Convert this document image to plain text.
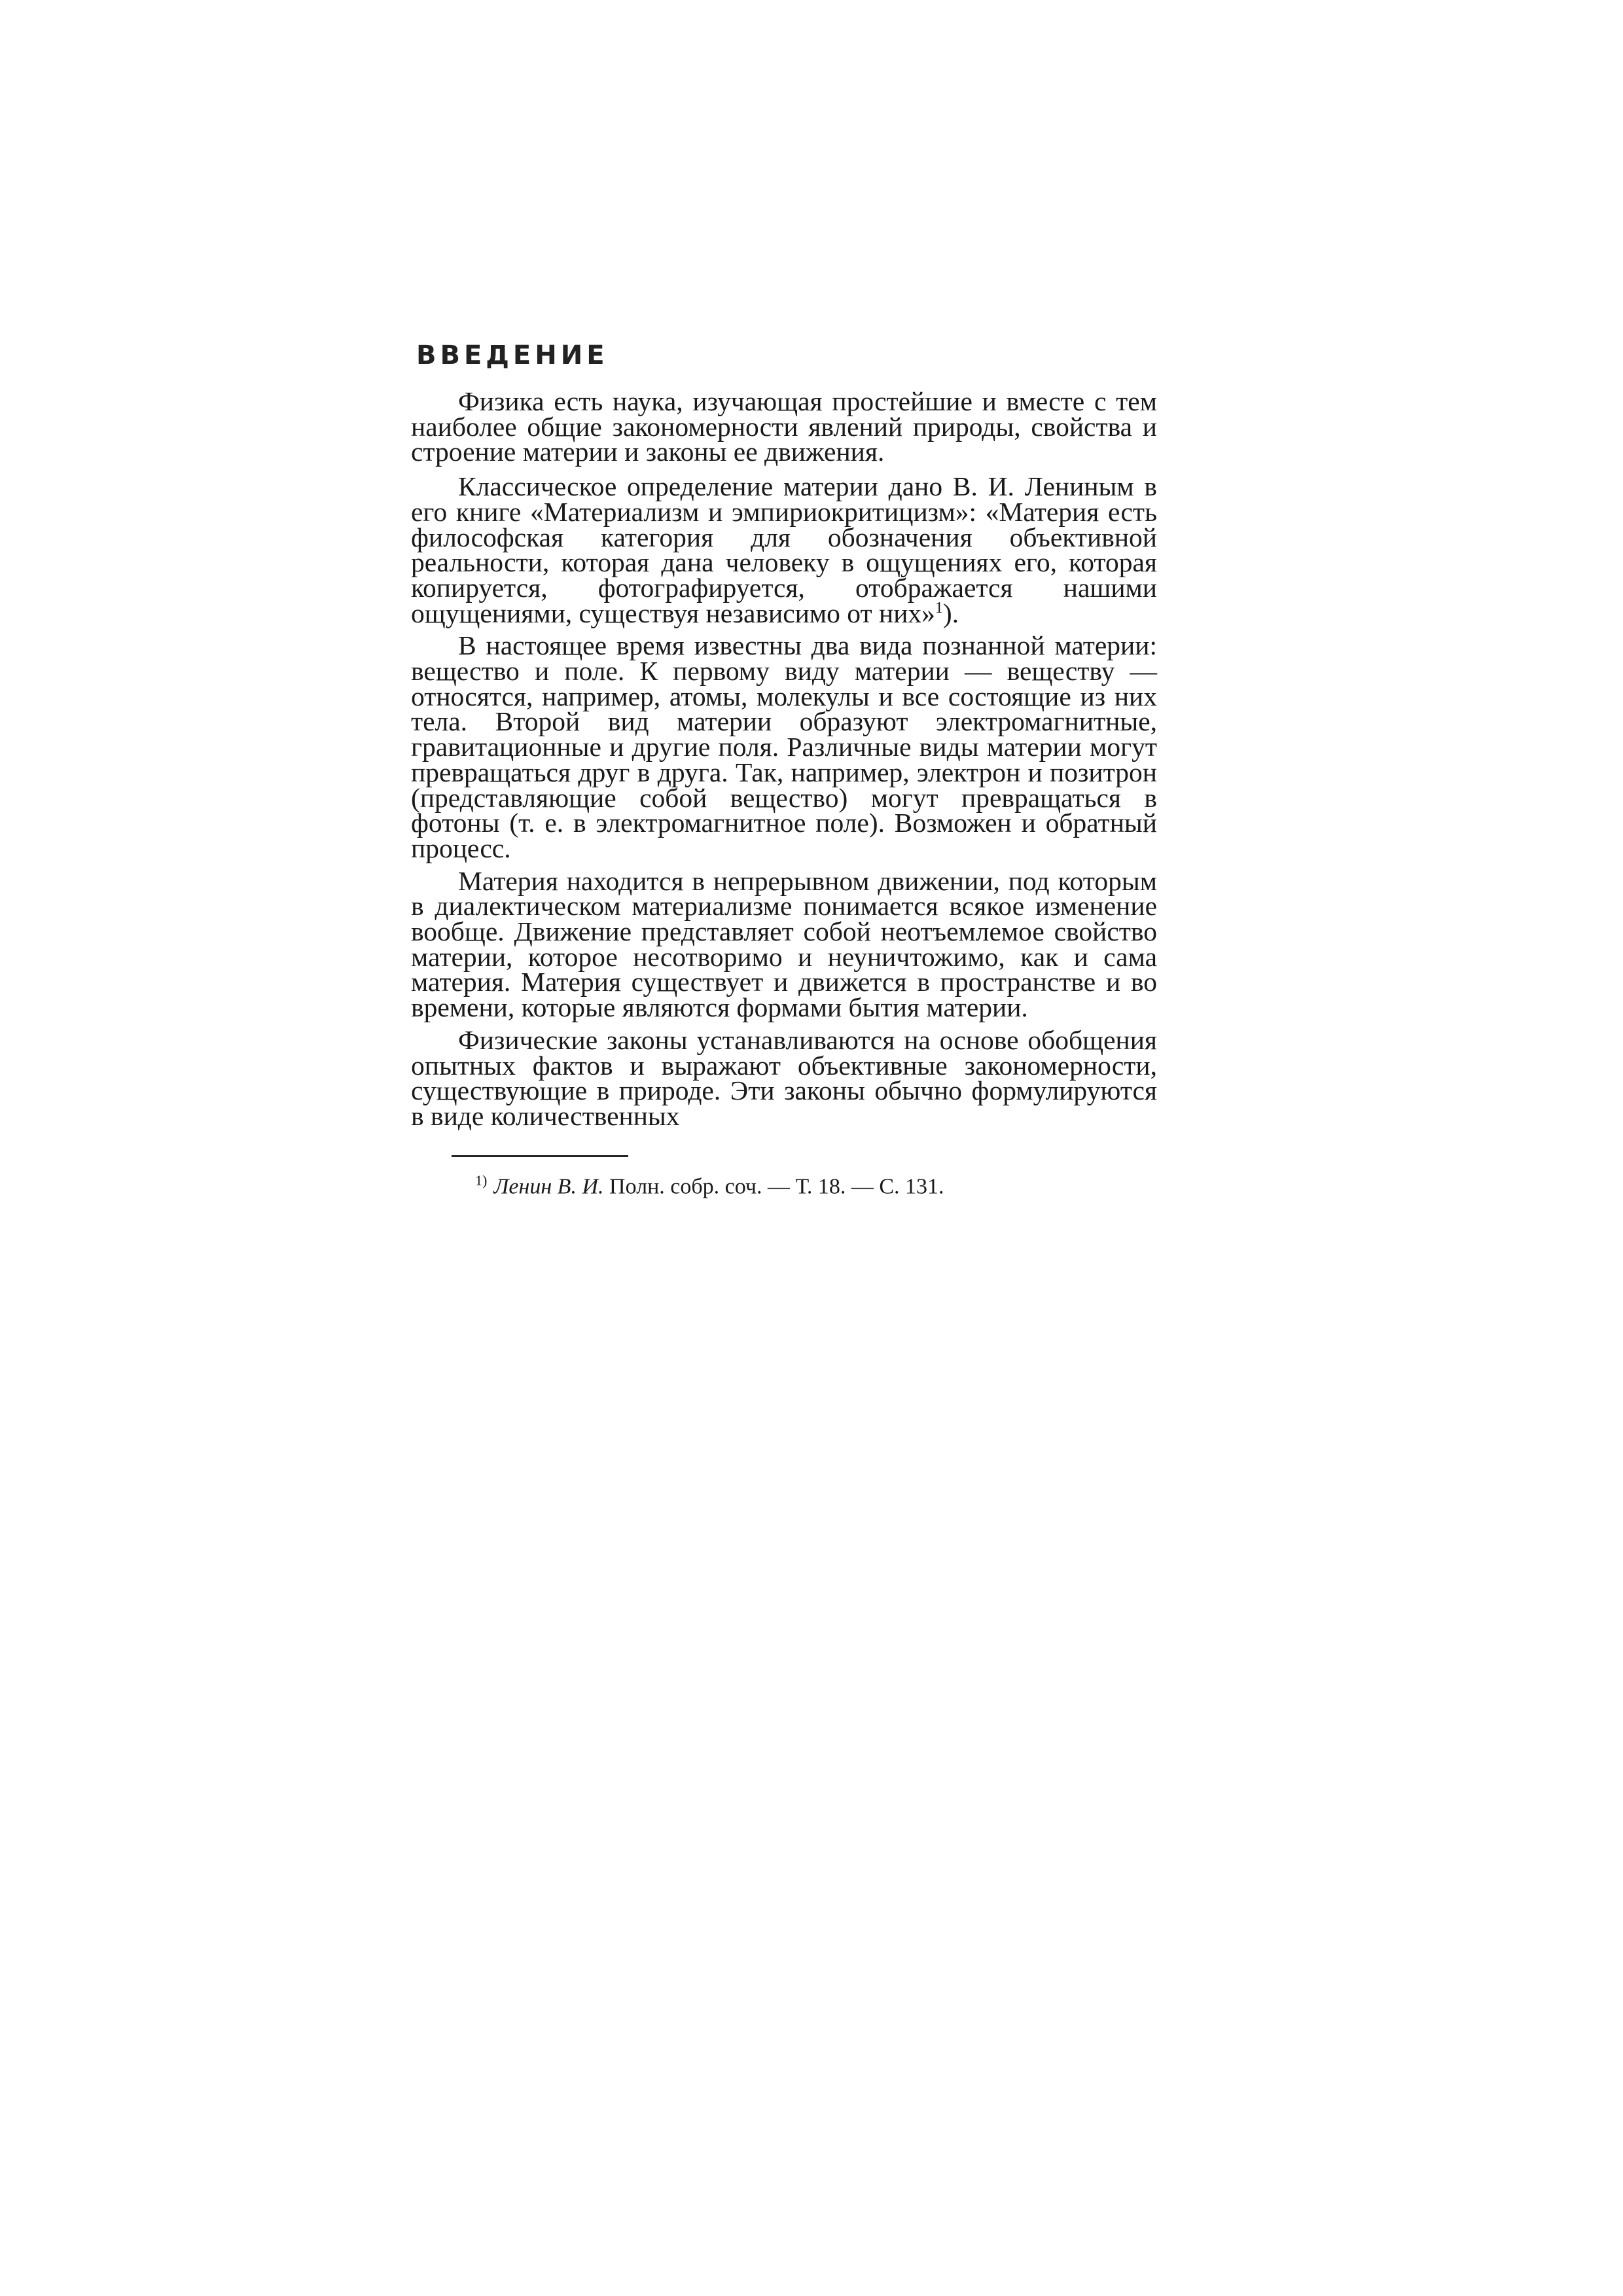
ВВЕДЕНИЕ

Физика есть наука, изучающая простейшие и вместе с тем наиболее общие закономерности явлений природы, свойства и строение материи и законы ее движения.

Классическое определение материи дано В. И. Лениным в его книге «Материализм и эмпириокритицизм»: «Материя есть философская категория для обозначения объективной реальности, которая дана человеку в ощущениях его, которая копируется, фотографируется, отображается нашими ощущениями, существуя независимо от них»$^1$).

В настоящее время известны два вида познанной материи: вещество и поле. К первому виду материи — веществу — относятся, например, атомы, молекулы и все состоящие из них тела. Второй вид материи образуют электромагнитные, гравитационные и другие поля. Различные виды материи могут превращаться друг в друга. Так, например, электрон и позитрон (представляющие собой вещество) могут превращаться в фотоны (т. е. в электромагнитное поле). Возможен и обратный процесс.

Материя находится в непрерывном движении, под которым в диалектическом материализме понимается всякое изменение вообще. Движение представляет собой неотъемлемое свойство материи, которое несотворимо и неуничтожимо, как и сама материя. Материя существует и движется в пространстве и во времени, которые являются формами бытия материи.

Физические законы устанавливаются на основе обобщения опытных фактов и выражают объективные закономерности, существующие в природе. Эти законы обычно формулируются в виде количественных

$^{1)}$ Ленин В. И. Полн. собр. соч. — Т. 18. — С. 131.
